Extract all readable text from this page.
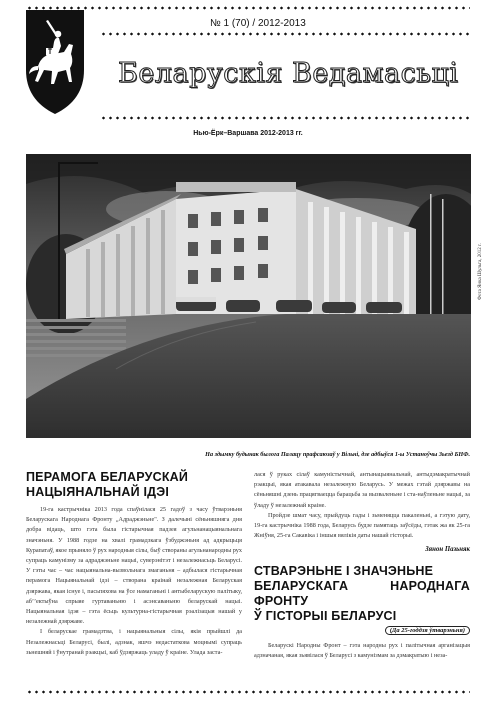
№ 1 (70) / 2012-2013
Беларускія Ведамасьці
Нью-Ёрк–Варшава 2012-2013 гг.
Фота Янка Шульга, 2012 г.
На здымку будынак былога Палацу прафсаюзаў у Вільні, дзе адбыўся 1-ы Устаноўчы Зьезд БНФ.
ПЕРАМОГА БЕЛАРУСКАЙ
НАЦЫЯНАЛЬНАЙ ІДЭІ

19-га кастрычніка 2013 года спаўнілася 25 гадоў з часу ўтварэньня Беларускага Народнага Фронту „Адраджэньне". З далечыні сёньняшняга дня добра відаць, што гэта была гістарычная падзея агульнанацыянальнага значэньня. У 1988 годзе на хвалі грамадзкага ўзбуджэньня ад адкрыцьця Курапатаў, якое прыняло ў рух народныя сілы, быў створаны агульнанародны рух супраць камунізму за адраджэньне нацыі, суверэнітэт і незалежнасьць Беларусі. У гэты час – час нацыянальна-вызвольнага змаганьня – адбылася гістарычная перамога Нацыянальнай ідэі – створана краінай незалежная Беларуская дзяржава, якая існуе і, пасьпяхова на ўсе намаганьні і антыбеларускую палітыку, абʼʼектыўна спрыяе гуртаваньню і асэнсаваньню беларускай нацыі. Нацыянальная ідэя – гэта ёсьць культурна-гістарычная рэалізацыя нашай у незалежнай дзяржаве.

І беларускае грамадзтва, і нацыянальныя сілы, якія прыйшлі да Незалежнасьці Беларусі, былі, адзнак, яшчэ недастаткова моцнымі супраць зьнешняй і ўнутранай рэакцыі, каб ўдзяржаць уладу ў краіне. Улада заста-

лася ў руках сілаў камуністычнай, антынацыянальнай, антыдэмакратычнай рэакцыі, якая атакавала незалежную Беларусь. У межах гэтай дзяржавы на сёньняшні дзень працягваецца барацьба за вызваленьне і ста-наўленьне нацыі, за ўладу ў незалежнай краіне.

Пройдзе шмат часу, прыйдуць гады і зьменяцца пакаленьні, а гэтую дату, 19-га кастрычніка 1988 года, Беларусь будзе памятаць заўсёды, гэтак жа як 25-га Жніўня, 25-га Сакавіка і іншыя вялікія даты нашай гісторыі.

Зянон Пазьняк
СТВАРЭНЬНЕ І ЗНАЧЭНЬНЕ
БЕЛАРУСКАГА НАРОДНАГА ФРОНТУ
Ў ГІСТОРЫІ БЕЛАРУСІ
(Да 25-годдзя ўтварэньня)

Беларускі Народны Фронт – гэта народны рух і палітычная арганізацыя адзначаная, якая зьявілася ў Беларусі з камунізмам за дэмакратыю і неза-
